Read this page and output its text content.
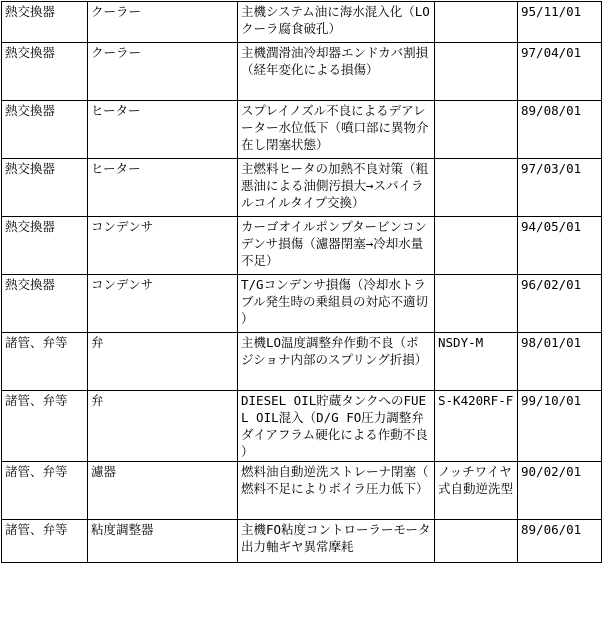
熱交換器	クーラー	主機システム油に海水混入化（LOクーラ腐食破孔）		95/11/01
熱交換器	クーラー	主機潤滑油冷却器エンドカバ割損（経年変化による損傷）		97/04/01
熱交換器	ヒーター	スプレイノズル不良によるデアレーター水位低下（噴口部に異物介在し閉塞状態）		89/08/01
熱交換器	ヒーター	主燃料ヒータの加熱不良対策（粗悪油による油側汚損大→スパイラルコイルタイプ交換）		97/03/01
熱交換器	コンデンサ	カーゴオイルポンプタービンコンデンサ損傷（濾器閉塞→冷却水量不足）		94/05/01
熱交換器	コンデンサ	T/Gコンデンサ損傷（冷却水トラブル発生時の乗組員の対応不適切）		96/02/01
諸管、弁等	弁	主機LO温度調整弁作動不良（ポジショナ内部のスプリング折損）	NSDY-M	98/01/01
諸管、弁等	弁	DIESEL OIL貯蔵タンクへのFUEL OIL混入（D/G FO圧力調整弁ダイアフラム硬化による作動不良）	S-K420RF-F	99/10/01
諸管、弁等	濾器	燃料油自動逆洗ストレーナ閉塞（燃料不足によりボイラ圧力低下）	ノッチワイヤ式自動逆洗型	90/02/01
諸管、弁等	粘度調整器	主機FO粘度コントローラーモータ出力軸ギヤ異常摩耗		89/06/01
